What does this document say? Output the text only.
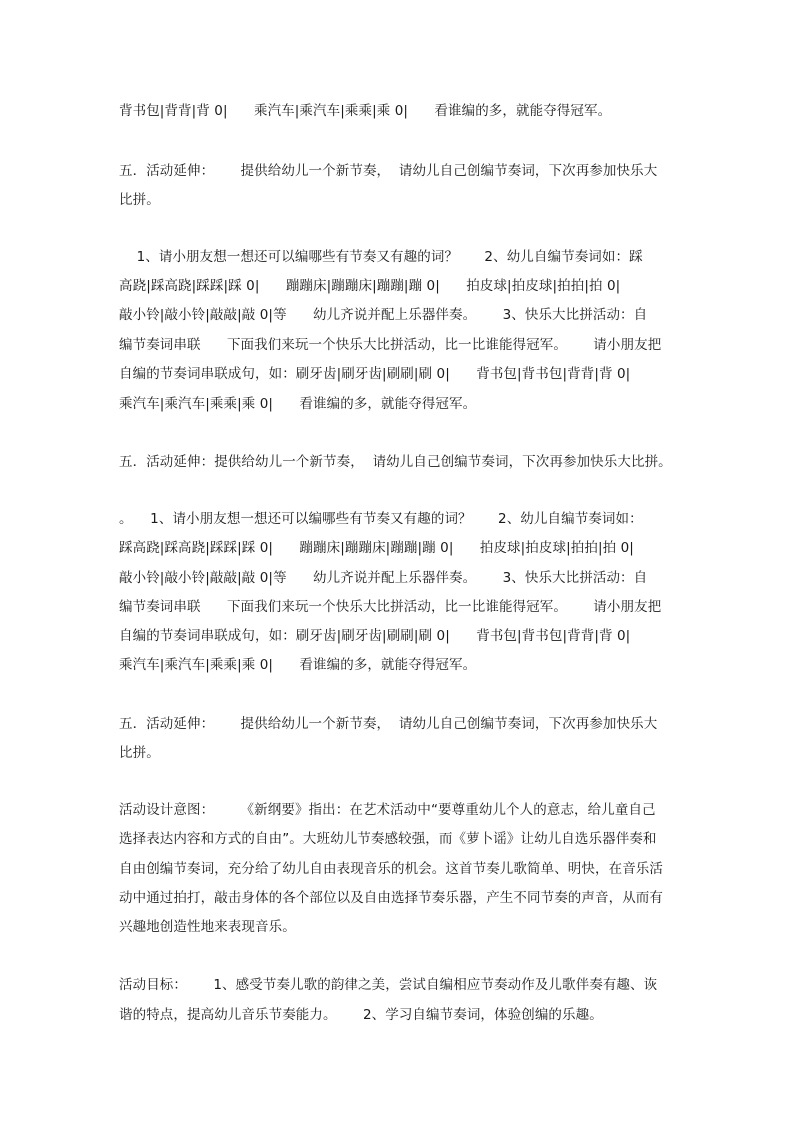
背书包|背背|背 0|      乘汽车|乘汽车|乘乘|乘 0|      看谁编的多，就能夺得冠军。
五．活动延伸：      提供给幼儿一个新节奏，  请幼儿自己创编节奏词，下次再参加快乐大
比拼。
1、请小朋友想一想还可以编哪些有节奏又有趣的词？      2、幼儿自编节奏词如：踩
高跷|踩高跷|踩踩|踩 0|      蹦蹦床|蹦蹦床|蹦蹦|蹦 0|      拍皮球|拍皮球|拍拍|拍 0|
敲小铃|敲小铃|敲敲|敲 0|等      幼儿齐说并配上乐器伴奏。      3、快乐大比拼活动：自
编节奏词串联      下面我们来玩一个快乐大比拼活动，比一比谁能得冠军。      请小朋友把
自编的节奏词串联成句，如：刷牙齿|刷牙齿|刷刷|刷 0|      背书包|背书包|背背|背 0|
乘汽车|乘汽车|乘乘|乘 0|      看谁编的多，就能夺得冠军。
五．活动延伸：提供给幼儿一个新节奏，  请幼儿自己创编节奏词，下次再参加快乐大比拼。
。    1、请小朋友想一想还可以编哪些有节奏又有趣的词？      2、幼儿自编节奏词如：
踩高跷|踩高跷|踩踩|踩 0|      蹦蹦床|蹦蹦床|蹦蹦|蹦 0|      拍皮球|拍皮球|拍拍|拍 0|
敲小铃|敲小铃|敲敲|敲 0|等      幼儿齐说并配上乐器伴奏。      3、快乐大比拼活动：自
编节奏词串联      下面我们来玩一个快乐大比拼活动，比一比谁能得冠军。      请小朋友把
自编的节奏词串联成句，如：刷牙齿|刷牙齿|刷刷|刷 0|      背书包|背书包|背背|背 0|
乘汽车|乘汽车|乘乘|乘 0|      看谁编的多，就能夺得冠军。
五．活动延伸：      提供给幼儿一个新节奏，  请幼儿自己创编节奏词，下次再参加快乐大
比拼。
活动设计意图：      《新纲要》指出：在艺术活动中“要尊重幼儿个人的意志，给儿童自己
选择表达内容和方式的自由”。大班幼儿节奏感较强，而《萝卜谣》让幼儿自选乐器伴奏和
自由创编节奏词，充分给了幼儿自由表现音乐的机会。这首节奏儿歌简单、明快，在音乐活
动中通过拍打，敲击身体的各个部位以及自由选择节奏乐器，产生不同节奏的声音，从而有
兴趣地创造性地来表现音乐。
活动目标：      1、感受节奏儿歌的韵律之美，尝试自编相应节奏动作及儿歌伴奏有趣、诙
谐的特点，提高幼儿音乐节奏能力。      2、学习自编节奏词，体验创编的乐趣。
